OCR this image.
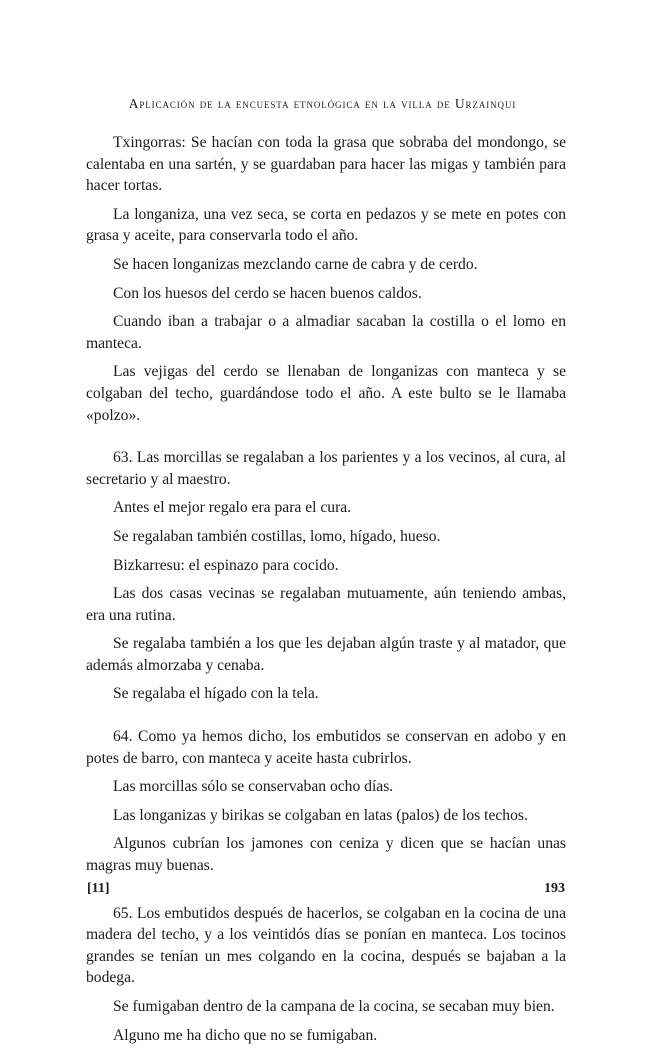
Aplicación de la encuesta etnológica en la villa de Urzainqui

Txingorras: Se hacían con toda la grasa que sobraba del mondongo, se calentaba en una sartén, y se guardaban para hacer las migas y también para hacer tortas.

La longaniza, una vez seca, se corta en pedazos y se mete en potes con grasa y aceite, para conservarla todo el año.

Se hacen longanizas mezclando carne de cabra y de cerdo.

Con los huesos del cerdo se hacen buenos caldos.

Cuando iban a trabajar o a almadiar sacaban la costilla o el lomo en manteca.

Las vejigas del cerdo se llenaban de longanizas con manteca y se colgaban del techo, guardándose todo el año. A este bulto se le llamaba «polzo».

63. Las morcillas se regalaban a los parientes y a los vecinos, al cura, al secretario y al maestro.

Antes el mejor regalo era para el cura.

Se regalaban también costillas, lomo, hígado, hueso.

Bizkarresu: el espinazo para cocido.

Las dos casas vecinas se regalaban mutuamente, aún teniendo ambas, era una rutina.

Se regalaba también a los que les dejaban algún traste y al matador, que además almorzaba y cenaba.

Se regalaba el hígado con la tela.

64. Como ya hemos dicho, los embutidos se conservan en adobo y en potes de barro, con manteca y aceite hasta cubrirlos.

Las morcillas sólo se conservaban ocho días.

Las longanizas y birikas se colgaban en latas (palos) de los techos.

Algunos cubrían los jamones con ceniza y dicen que se hacían unas magras muy buenas.

65. Los embutidos después de hacerlos, se colgaban en la cocina de una madera del techo, y a los veintidós días se ponían en manteca. Los tocinos grandes se tenían un mes colgando en la cocina, después se bajaban a la bodega.

Se fumigaban dentro de la campana de la cocina, se secaban muy bien.

Alguno me ha dicho que no se fumigaban.

[11]	193
